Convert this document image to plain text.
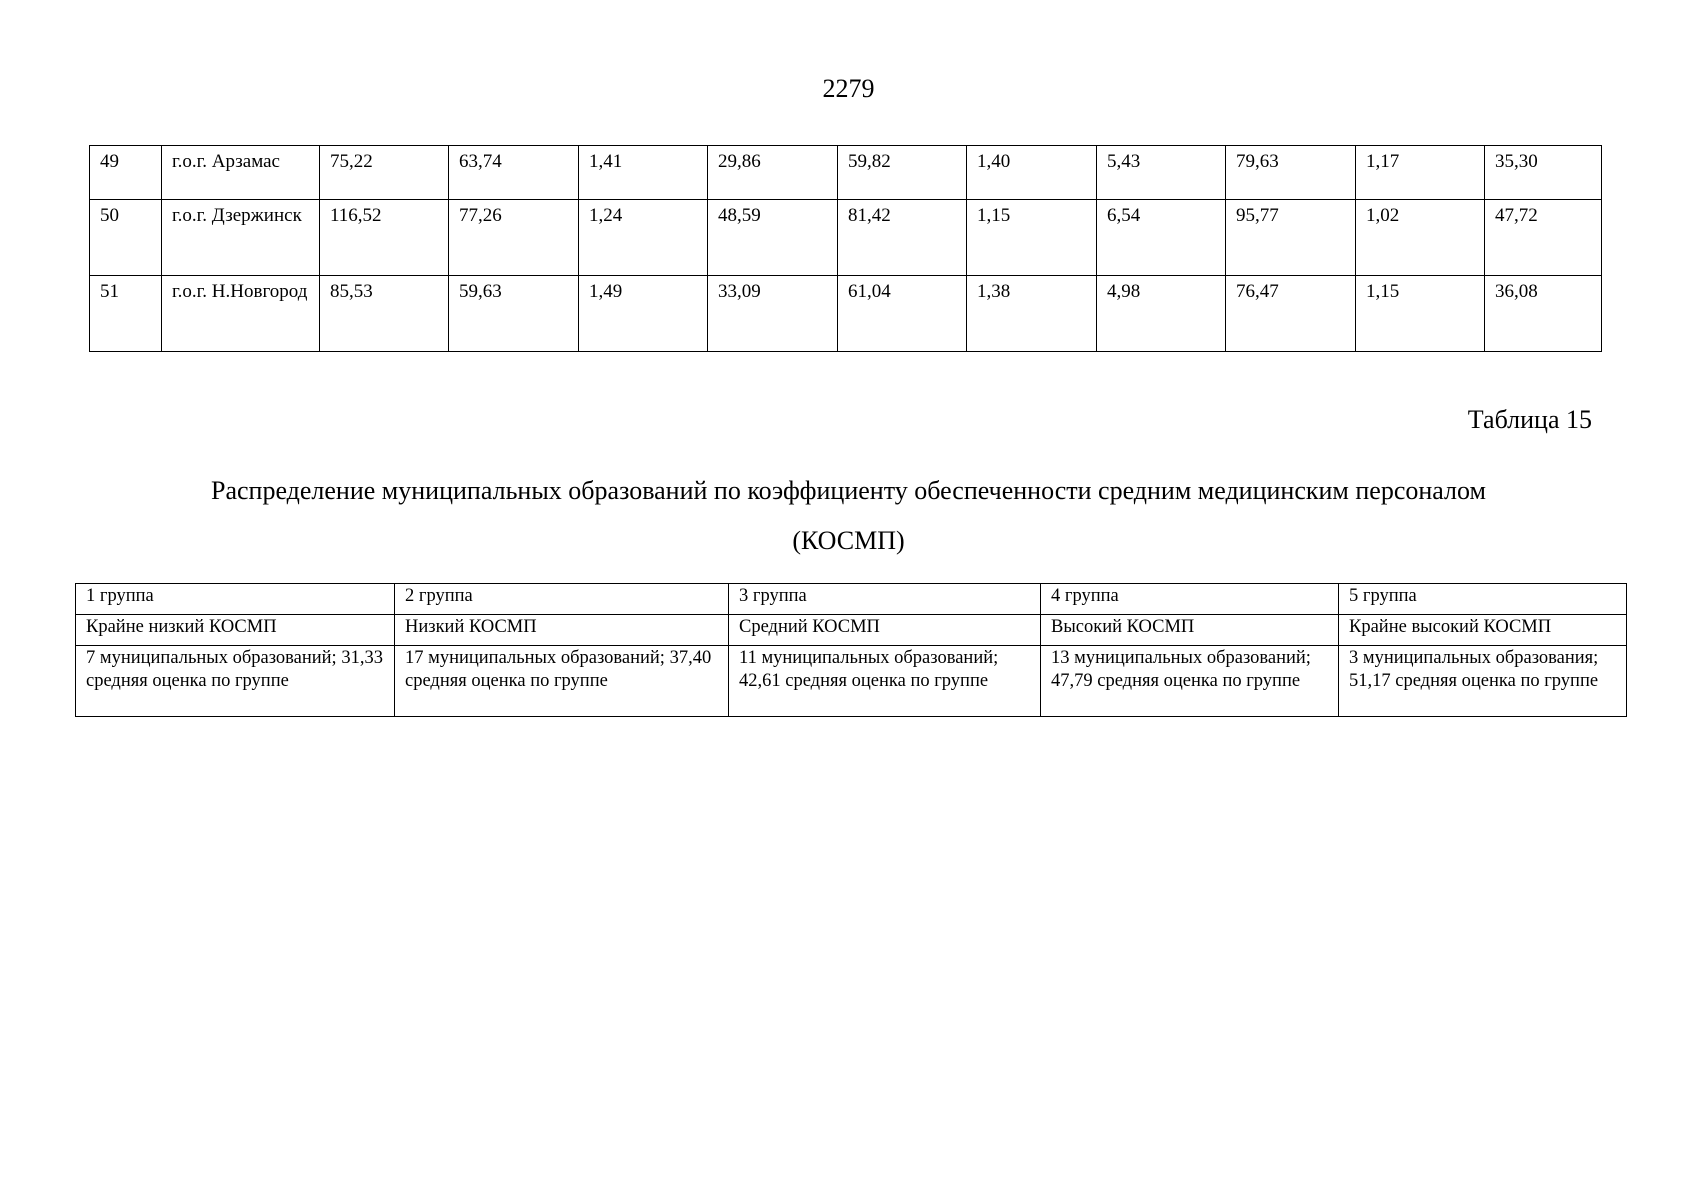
2279
49	г.о.г. Арзамас	75,22	63,74	1,41	29,86	59,82	1,40	5,43	79,63	1,17	35,30
50	г.о.г. Дзержинск	116,52	77,26	1,24	48,59	81,42	1,15	6,54	95,77	1,02	47,72
51	г.о.г. Н.Новгород	85,53	59,63	1,49	33,09	61,04	1,38	4,98	76,47	1,15	36,08
Таблица 15
Распределение муниципальных образований по коэффициенту обеспеченности средним медицинским персоналом
(КОСМП)
1 группа	2 группа	3 группа	4 группа	5 группа
Крайне низкий КОСМП	Низкий КОСМП	Средний КОСМП	Высокий КОСМП	Крайне высокий КОСМП
7 муниципальных образований; 31,33 средняя оценка по группе	17 муниципальных образований; 37,40 средняя оценка по группе	11 муниципальных образований; 42,61 средняя оценка по группе	13 муниципальных образований; 47,79 средняя оценка по группе	3 муниципальных образования; 51,17 средняя оценка по группе
